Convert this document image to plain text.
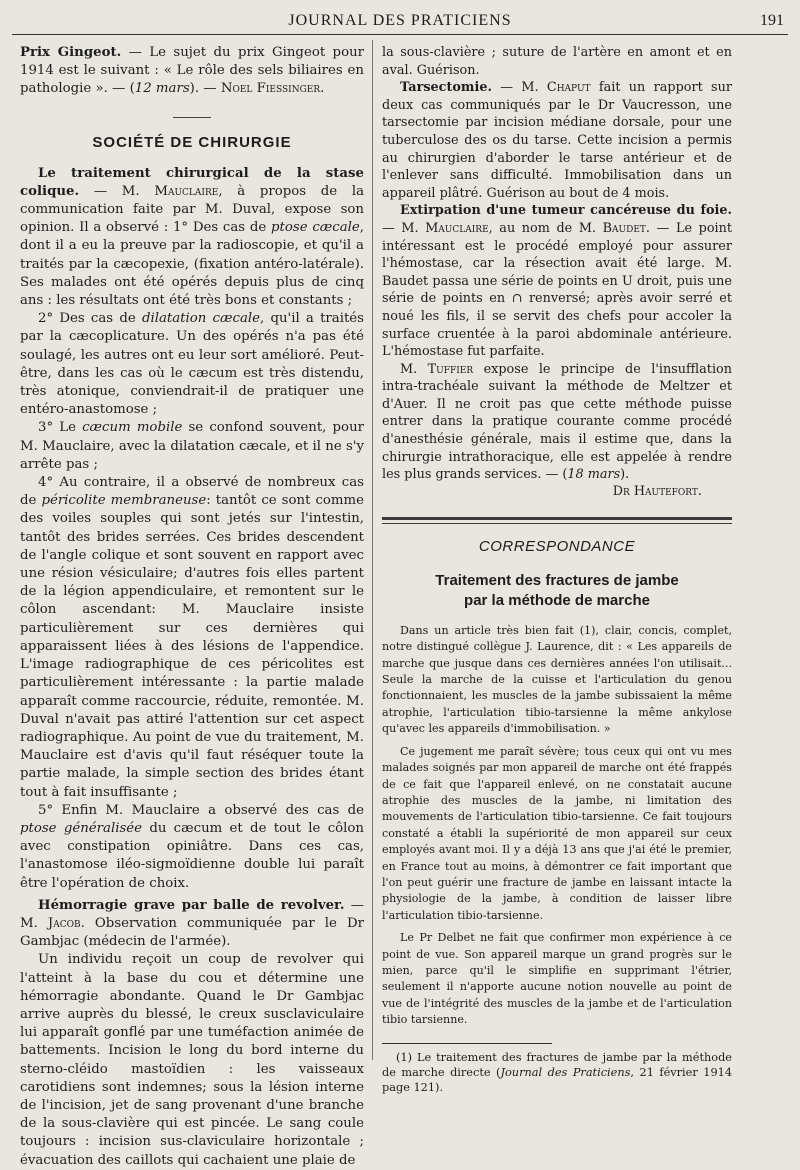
JOURNAL DES PRATICIENS	191

Prix Gingeot. — Le sujet du prix Gingeot pour 1914 est le suivant : « Le rôle des sels biliaires en pathologie ». — (12 mars). — Noel Fiessinger.

SOCIÉTÉ DE CHIRURGIE

Le traitement chirurgical de la stase colique. — M. Mauclaire, à propos de la communication faite par M. Duval, expose son opinion. Il a observé : 1° Des cas de ptose cæcale, dont il a eu la preuve par la radioscopie, et qu'il a traités par la cæcopexie, (fixation antéro-latérale). Ses malades ont été opérés depuis plus de cinq ans : les résultats ont été très bons et constants ;

2° Des cas de dilatation cæcale, qu'il a traités par la cæcoplicature. Un des opérés n'a pas été soulagé, les autres ont eu leur sort amélioré. Peut-être, dans les cas où le cæcum est très distendu, très atonique, conviendrait-il de pratiquer une entéro-anastomose ;

3° Le cæcum mobile se confond souvent, pour M. Mauclaire, avec la dilatation cæcale, et il ne s'y arrête pas ;

4° Au contraire, il a observé de nombreux cas de péricolite membraneuse: tantôt ce sont comme des voiles souples qui sont jetés sur l'intestin, tantôt des brides serrées. Ces brides descendent de l'angle colique et sont souvent en rapport avec une résion vésiculaire; d'autres fois elles partent de la légion appendiculaire, et remontent sur le côlon ascendant: M. Mauclaire insiste particulièrement sur ces dernières qui apparaissent liées à des lésions de l'appendice. L'image radiographique de ces péricolites est particulièrement intéressante : la partie malade apparaît comme raccourcie, réduite, remontée. M. Duval n'avait pas attiré l'attention sur cet aspect radiographique. Au point de vue du traitement, M. Mauclaire est d'avis qu'il faut réséquer toute la partie malade, la simple section des brides étant tout à fait insuffisante ;

5° Enfin M. Mauclaire a observé des cas de ptose généralisée du cæcum et de tout le côlon avec constipation opiniâtre. Dans ces cas, l'anastomose iléo-sigmoïdienne double lui paraît être l'opération de choix.

Hémorragie grave par balle de revolver. — M. Jacob. Observation communiquée par le Dr Gambjac (médecin de l'armée).

Un individu reçoit un coup de revolver qui l'atteint à la base du cou et détermine une hémorragie abondante. Quand le Dr Gambjac arrive auprès du blessé, le creux susclaviculaire lui apparaît gonflé par une tuméfaction animée de battements. Incision le long du bord interne du sterno-cléido mastoïdien : les vaisseaux carotidiens sont indemnes; sous la lésion interne de l'incision, jet de sang provenant d'une branche de la sous-clavière qui est pincée. Le sang coule toujours : incision sus-claviculaire horizontale ; évacuation des caillots qui cachaient une plaie de

la sous-clavière ; suture de l'artère en amont et en aval. Guérison.

Tarsectomie. — M. Chaput fait un rapport sur deux cas communiqués par le Dr Vaucresson, une tarsectomie par incision médiane dorsale, pour une tuberculose des os du tarse. Cette incision a permis au chirurgien d'aborder le tarse antérieur et de l'enlever sans difficulté. Immobilisation dans un appareil plâtré. Guérison au bout de 4 mois.

Extirpation d'une tumeur cancéreuse du foie. — M. Mauclaire, au nom de M. Baudet. — Le point intéressant est le procédé employé pour assurer l'hémostase, car la résection avait été large. M. Baudet passa une série de points en U droit, puis une série de points en ∩ renversé; après avoir serré et noué les fils, il se servit des chefs pour accoler la surface cruentée à la paroi abdominale antérieure. L'hémostase fut parfaite.

M. Tuffier expose le principe de l'insufflation intra-trachéale suivant la méthode de Meltzer et d'Auer. Il ne croit pas que cette méthode puisse entrer dans la pratique courante comme procédé d'anesthésie générale, mais il estime que, dans la chirurgie intrathoracique, elle est appelée à rendre les plus grands services. — (18 mars).

Dr Hautefort.

CORRESPONDANCE
Traitement des fractures de jambe
par la méthode de marche

Dans un article très bien fait (1), clair, concis, complet, notre distingué collègue J. Laurence, dit : « Les appareils de marche que jusque dans ces dernières années l'on utilisait... Seule la marche de la cuisse et l'articulation du genou fonctionnaient, les muscles de la jambe subissaient la même atrophie, l'articulation tibio-tarsienne la même ankylose qu'avec les appareils d'immobilisation. »

Ce jugement me paraît sévère; tous ceux qui ont vu mes malades soignés par mon appareil de marche ont été frappés de ce fait que l'appareil enlevé, on ne constatait aucune atrophie des muscles de la jambe, ni limitation des mouvements de l'articulation tibio-tarsienne. Ce fait toujours constaté a établi la supériorité de mon appareil sur ceux employés avant moi. Il y a déjà 13 ans que j'ai été le premier, en France tout au moins, à démontrer ce fait important que l'on peut guérir une fracture de jambe en laissant intacte la physiologie de la jambe, à condition de laisser libre l'articulation tibio-tarsienne.

Le Pr Delbet ne fait que confirmer mon expérience à ce point de vue. Son appareil marque un grand progrès sur le mien, parce qu'il le simplifie en supprimant l'étrier, seulement il n'apporte aucune notion nouvelle au point de vue de l'intégrité des muscles de la jambe et de l'articulation tibio tarsienne.

(1) Le traitement des fractures de jambe par la méthode de marche directe (Journal des Praticiens, 21 février 1914 page 121).
